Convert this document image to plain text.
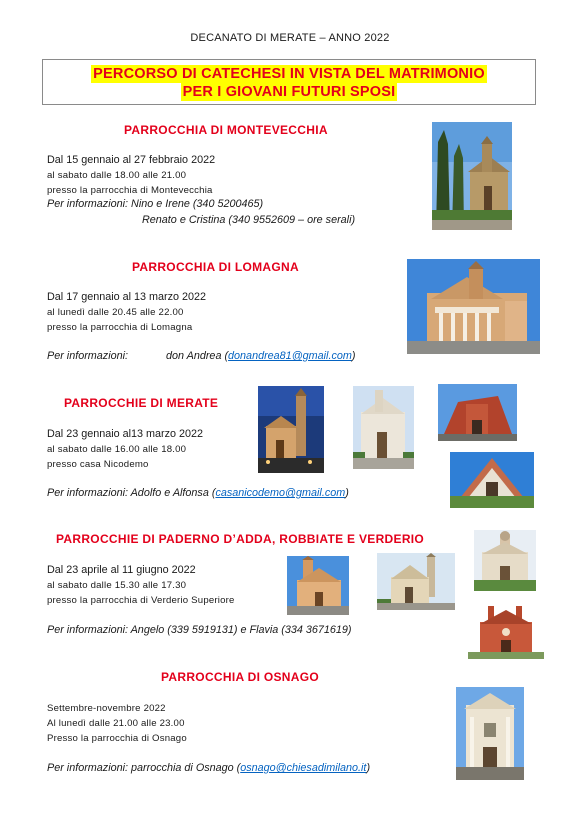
DECANATO DI MERATE – ANNO 2022
PERCORSO DI CATECHESI IN VISTA DEL MATRIMONIO
PER I GIOVANI FUTURI SPOSI
PARROCCHIA DI MONTEVECCHIA
Dal 15 gennaio al 27 febbraio 2022
al sabato dalle 18.00 alle 21.00
presso la parrocchia di Montevecchia
Per informazioni: Nino e Irene (340 5200465)
Renato e Cristina (340 9552609 – ore serali)
PARROCCHIA DI LOMAGNA
Dal 17 gennaio al 13 marzo 2022
al lunedì dalle 20.45 alle 22.00
presso la parrocchia di Lomagna
Per informazioni:	don Andrea (donandrea81@gmail.com)
PARROCCHIE DI MERATE
Dal 23 gennaio al13 marzo 2022
al sabato dalle 16.00 alle 18.00
presso casa Nicodemo
Per informazioni: Adolfo e Alfonsa (casanicodemo@gmail.com)
PARROCCHIE DI PADERNO D’ADDA, ROBBIATE E VERDERIO
Dal 23 aprile al 11 giugno 2022
al sabato dalle 15.30 alle 17.30
presso la parrocchia di Verderio Superiore
Per informazioni: Angelo (339 5919131) e Flavia (334 3671619)
PARROCCHIA DI OSNAGO
Settembre-novembre 2022
Al lunedì dalle 21.00 alle 23.00
Presso la parrocchia di Osnago
Per informazioni: parrocchia di Osnago (osnago@chiesadimilano.it)
